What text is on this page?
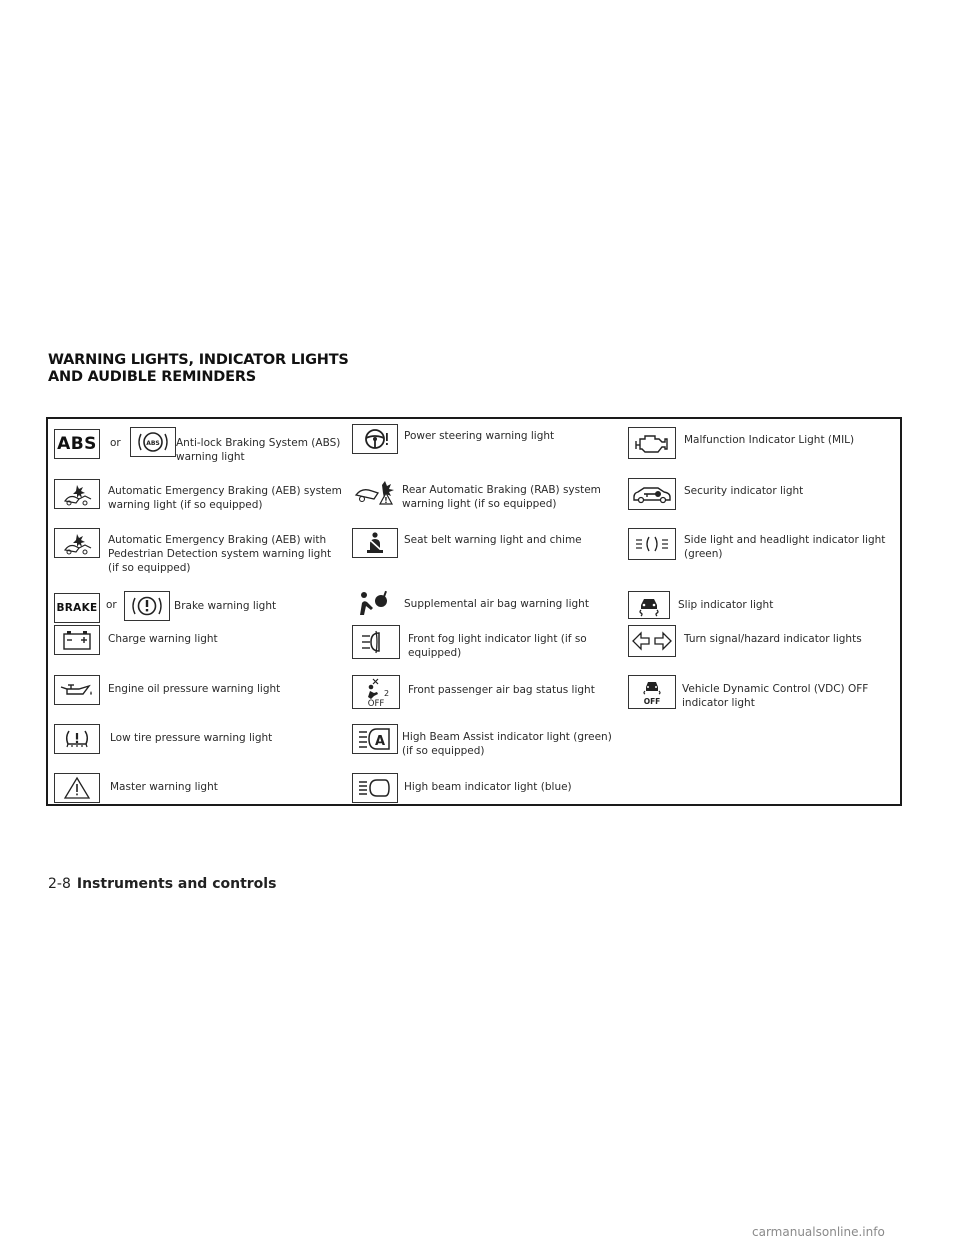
WARNING LIGHTS, INDICATOR LIGHTS
AND AUDIBLE REMINDERS
ABS or	ABS Anti-lock Braking System (ABS)
warning light
Automatic Emergency Braking (AEB) system
warning light (if so equipped)
Automatic Emergency Braking (AEB) with
Pedestrian Detection system warning light
(if so equipped)
BRAKE or	Brake warning light
Charge warning light
Engine oil pressure warning light
Low tire pressure warning light
Master warning light
Power steering warning light
!
Rear Automatic Braking (RAB) system
warning light (if so equipped)
Seat belt warning light and chime
Supplemental air bag warning light
Front fog light indicator light (if so
equipped)
2
OFF
Front passenger air bag status light
A High Beam Assist indicator light (green)
(if so equipped)
High beam indicator light (blue)
Malfunction Indicator Light (MIL)
Security indicator light
Side light and headlight indicator light
(green)
Slip indicator light
Turn signal/hazard indicator lights
OFF
Vehicle Dynamic Control (VDC) OFF
indicator light
2-8 Instruments and controls
carmanualsonline.info
